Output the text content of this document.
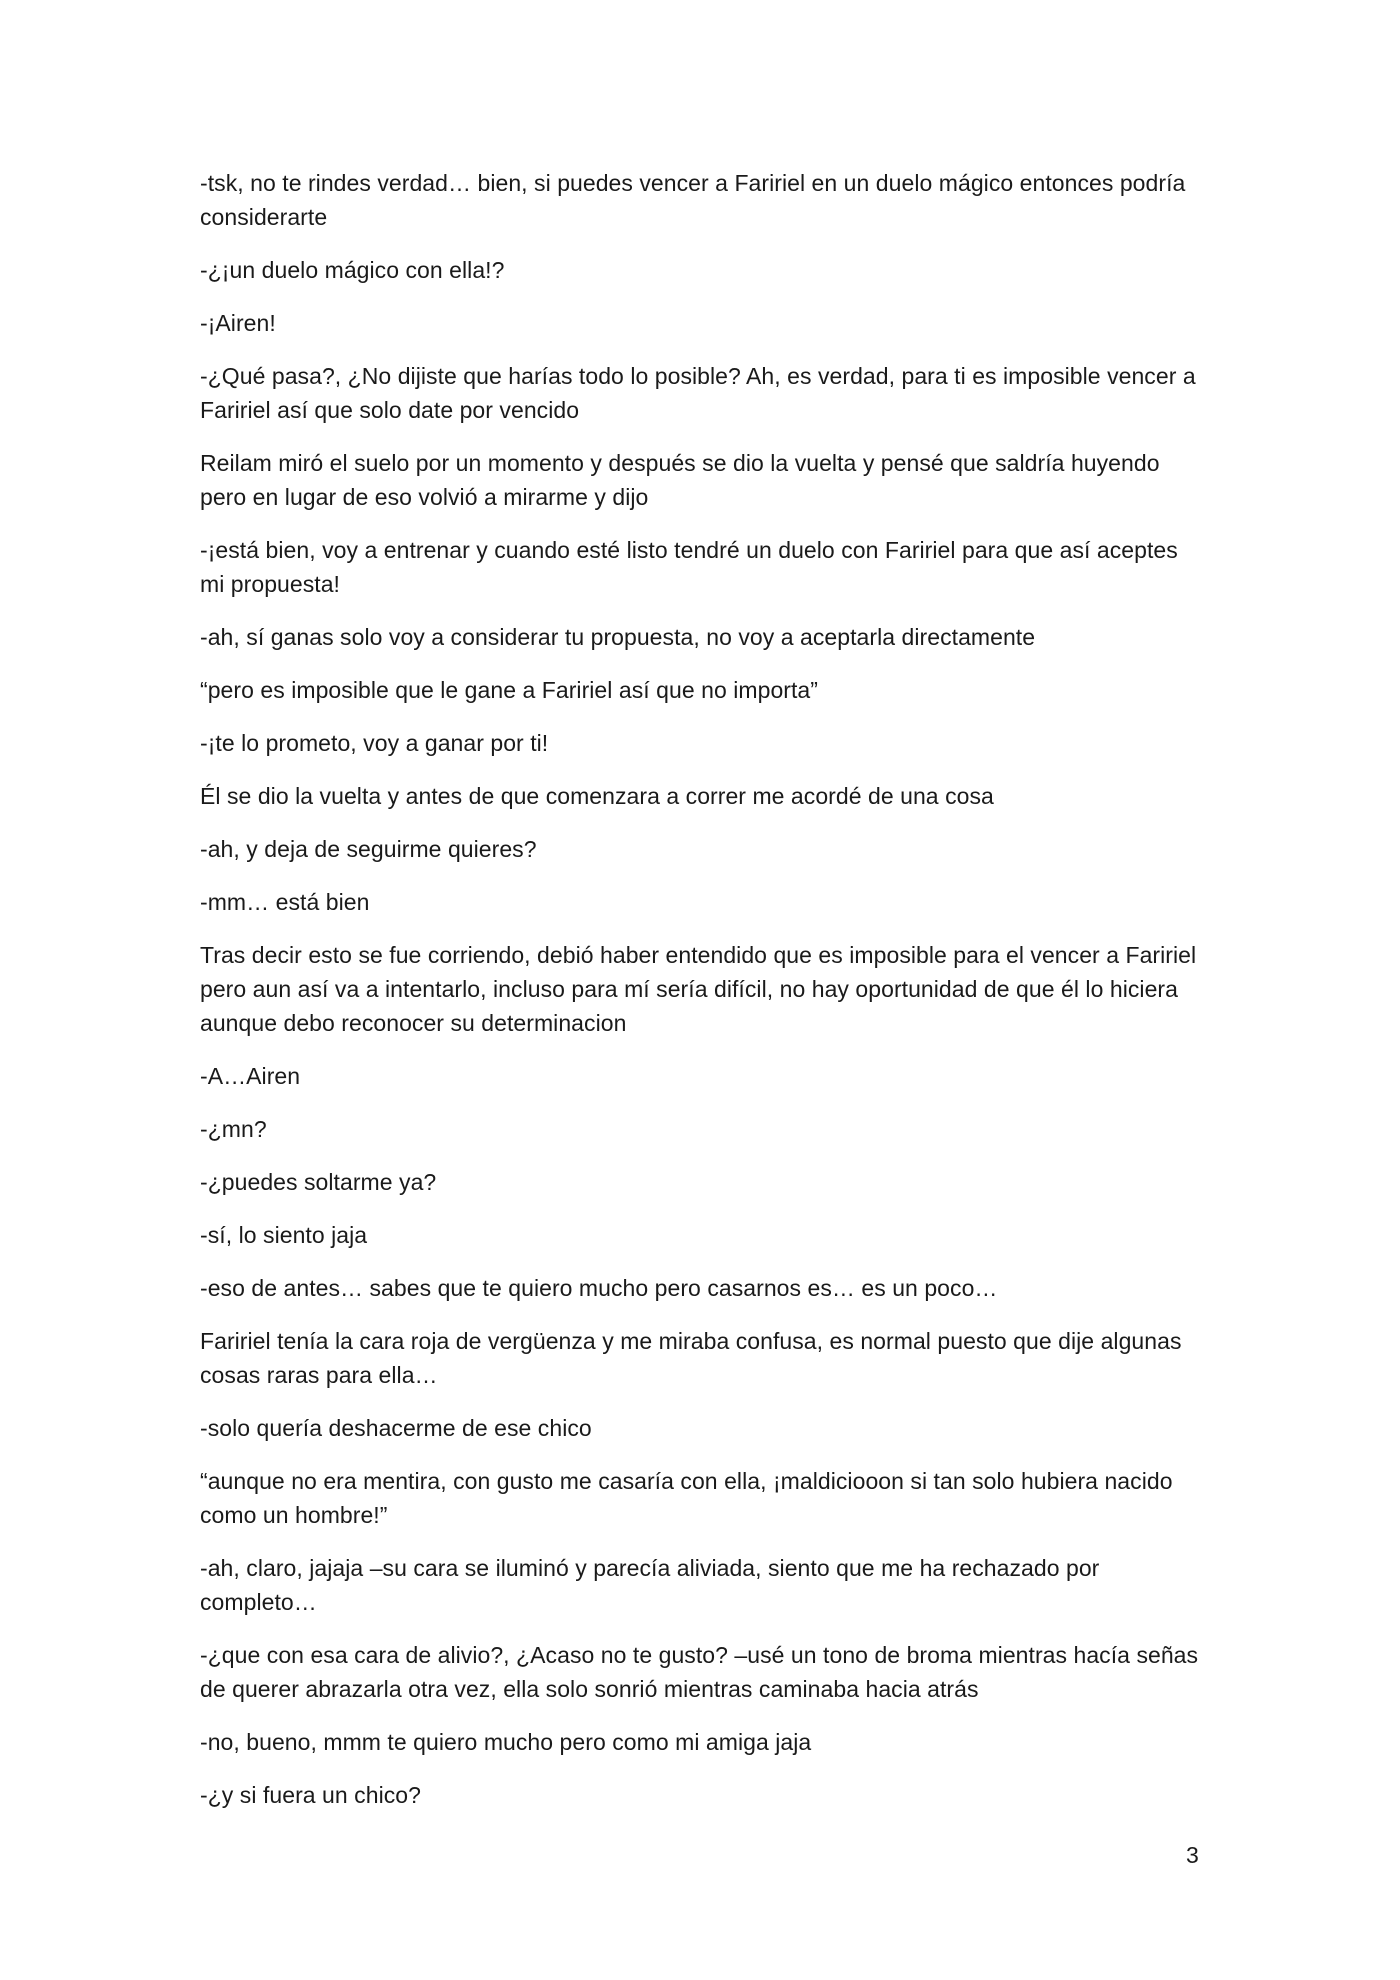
-tsk, no te rindes verdad… bien, si puedes vencer a Faririel en un duelo mágico entonces podría considerarte

-¿¡un duelo mágico con ella!?

-¡Airen!

-¿Qué pasa?, ¿No dijiste que harías todo lo posible? Ah, es verdad, para ti es imposible vencer a Faririel así que solo date por vencido

Reilam miró el suelo por un momento y después se dio la vuelta y pensé que saldría huyendo pero en lugar de eso volvió a mirarme y dijo

-¡está bien, voy a entrenar y cuando esté listo tendré un duelo con Faririel para que así aceptes mi propuesta!

-ah, sí ganas solo voy a considerar tu propuesta, no voy a aceptarla directamente

“pero es imposible que le gane a Faririel así que no importa”

-¡te lo prometo, voy a ganar por ti!

Él se dio la vuelta y antes de que comenzara a correr me acordé de una cosa

-ah, y deja de seguirme quieres?

-mm… está bien

Tras decir esto se fue corriendo, debió haber entendido que es imposible para el vencer a Faririel pero aun así va a intentarlo, incluso para mí sería difícil, no hay oportunidad de que él lo hiciera aunque debo reconocer su determinacion

-A…Airen

-¿mn?

-¿puedes soltarme ya?

-sí, lo siento jaja

-eso de antes… sabes que te quiero mucho pero casarnos es… es un poco…

Faririel tenía la cara roja de vergüenza y me miraba confusa, es normal puesto que dije algunas cosas raras para ella…

-solo quería deshacerme de ese chico

“aunque no era mentira, con gusto me casaría con ella, ¡maldiciooon si tan solo hubiera nacido como un hombre!”

-ah, claro, jajaja –su cara se iluminó y parecía aliviada, siento que me ha rechazado por completo…

-¿que con esa cara de alivio?, ¿Acaso no te gusto? –usé un tono de broma mientras hacía señas de querer abrazarla otra vez, ella solo sonrió mientras caminaba hacia atrás

-no, bueno, mmm te quiero mucho pero como mi amiga jaja

-¿y si fuera un chico?

3
